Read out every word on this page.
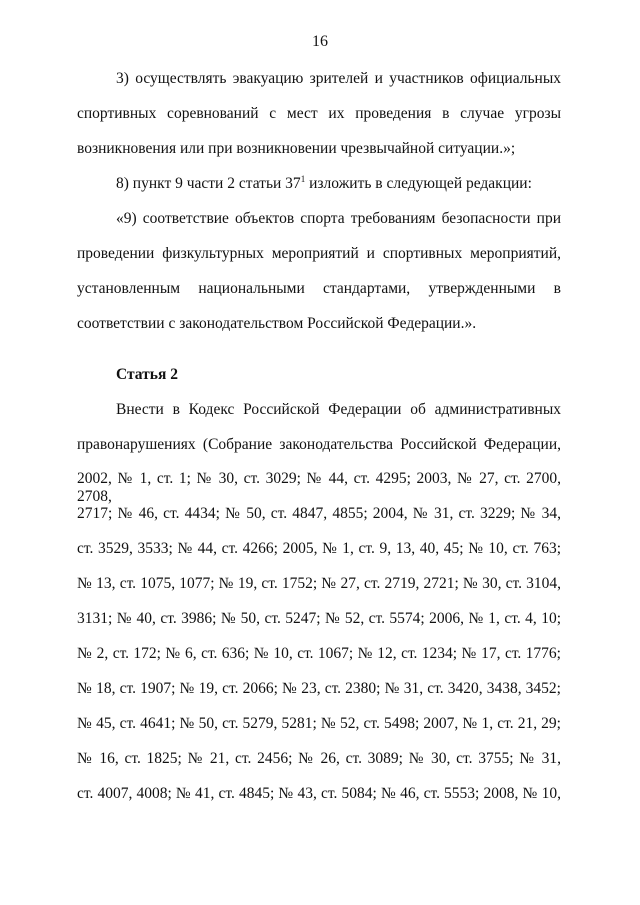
16
3) осуществлять эвакуацию зрителей и участников официальных
спортивных соревнований с мест их проведения в случае угрозы
возникновения или при возникновении чрезвычайной ситуации.»;
8) пункт 9 части 2 статьи $37^1$ изложить в следующей редакции:
«9) соответствие объектов спорта требованиям безопасности при
проведении физкультурных мероприятий и спортивных мероприятий,
установленным национальными стандартами, утвержденными в
соответствии с законодательством Российской Федерации.».
Статья 2
Внести в Кодекс Российской Федерации об административных
правонарушениях (Собрание законодательства Российской Федерации,
2002, № 1, ст. 1; № 30, ст. 3029; № 44, ст. 4295; 2003, № 27, ст. 2700, 2708,
2717; № 46, ст. 4434; № 50, ст. 4847, 4855; 2004, № 31, ст. 3229; № 34,
ст. 3529, 3533; № 44, ст. 4266; 2005, № 1, ст. 9, 13, 40, 45; № 10, ст. 763;
№ 13, ст. 1075, 1077; № 19, ст. 1752; № 27, ст. 2719, 2721; № 30, ст. 3104,
3131; № 40, ст. 3986; № 50, ст. 5247; № 52, ст. 5574; 2006, № 1, ст. 4, 10;
№ 2, ст. 172; № 6, ст. 636; № 10, ст. 1067; № 12, ст. 1234; № 17, ст. 1776;
№ 18, ст. 1907; № 19, ст. 2066; № 23, ст. 2380; № 31, ст. 3420, 3438, 3452;
№ 45, ст. 4641; № 50, ст. 5279, 5281; № 52, ст. 5498; 2007, № 1, ст. 21, 29;
№ 16, ст. 1825; № 21, ст. 2456; № 26, ст. 3089; № 30, ст. 3755; № 31,
ст. 4007, 4008; № 41, ст. 4845; № 43, ст. 5084; № 46, ст. 5553; 2008, № 10,
